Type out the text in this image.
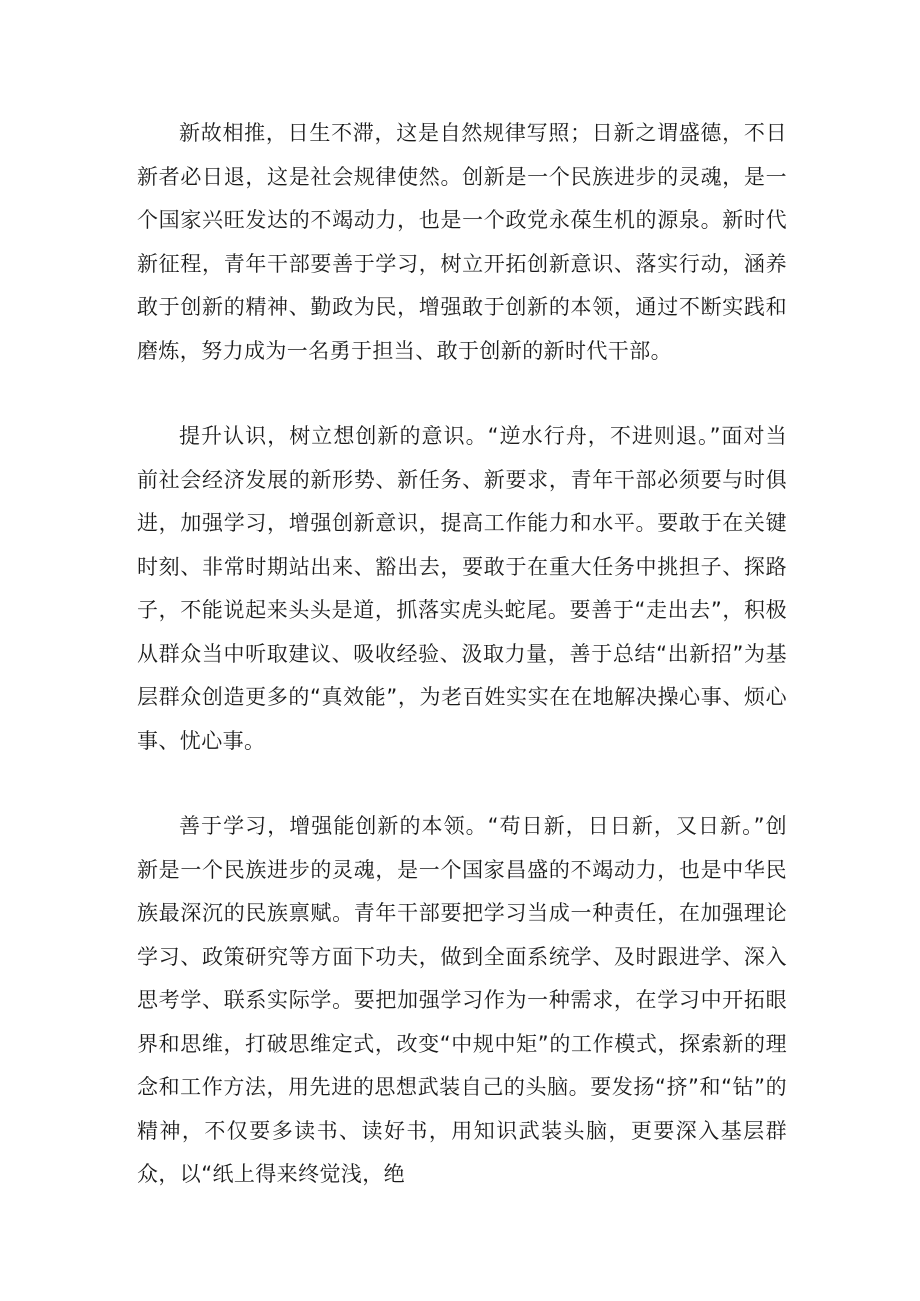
新故相推，日生不滞，这是自然规律写照；日新之谓盛德，不日新者必日退，这是社会规律使然。创新是一个民族进步的灵魂，是一个国家兴旺发达的不竭动力，也是一个政党永葆生机的源泉。新时代新征程，青年干部要善于学习，树立开拓创新意识、落实行动，涵养敢于创新的精神、勤政为民，增强敢于创新的本领，通过不断实践和磨炼，努力成为一名勇于担当、敢于创新的新时代干部。

提升认识，树立想创新的意识。“逆水行舟，不进则退。”面对当前社会经济发展的新形势、新任务、新要求，青年干部必须要与时俱进，加强学习，增强创新意识，提高工作能力和水平。要敢于在关键时刻、非常时期站出来、豁出去，要敢于在重大任务中挑担子、探路子，不能说起来头头是道，抓落实虎头蛇尾。要善于“走出去”，积极从群众当中听取建议、吸收经验、汲取力量，善于总结“出新招”为基层群众创造更多的“真效能”，为老百姓实实在在地解决操心事、烦心事、忧心事。

善于学习，增强能创新的本领。“苟日新，日日新，又日新。”创新是一个民族进步的灵魂，是一个国家昌盛的不竭动力，也是中华民族最深沉的民族禀赋。青年干部要把学习当成一种责任，在加强理论学习、政策研究等方面下功夫，做到全面系统学、及时跟进学、深入思考学、联系实际学。要把加强学习作为一种需求，在学习中开拓眼界和思维，打破思维定式，改变“中规中矩”的工作模式，探索新的理念和工作方法，用先进的思想武装自己的头脑。要发扬“挤”和“钻”的精神，不仅要多读书、读好书，用知识武装头脑，更要深入基层群众，以“纸上得来终觉浅，绝
